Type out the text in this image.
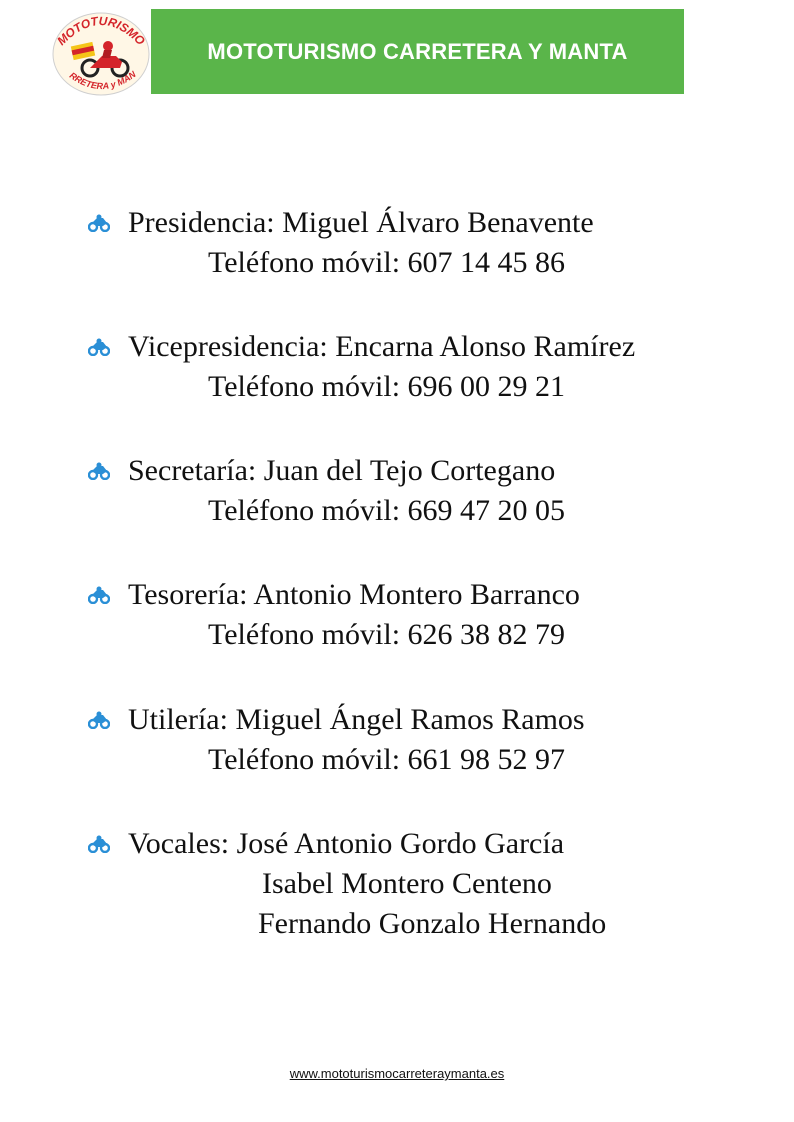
MOTOTURISMO
RRETERA y MAN
MOTOTURISMO CARRETERA Y MANTA
Presidencia: Miguel Álvaro Benavente
Teléfono móvil: 607 14 45 86
Vicepresidencia: Encarna Alonso Ramírez
Teléfono móvil: 696 00 29 21
Secretaría: Juan del Tejo Cortegano
Teléfono móvil: 669 47 20 05
Tesorería: Antonio Montero Barranco
Teléfono móvil: 626 38 82 79
Utilería: Miguel Ángel Ramos Ramos
Teléfono móvil: 661 98 52 97
Vocales: José Antonio Gordo García
Isabel Montero Centeno
Fernando Gonzalo Hernando
www.mototurismocarreteraymanta.es
